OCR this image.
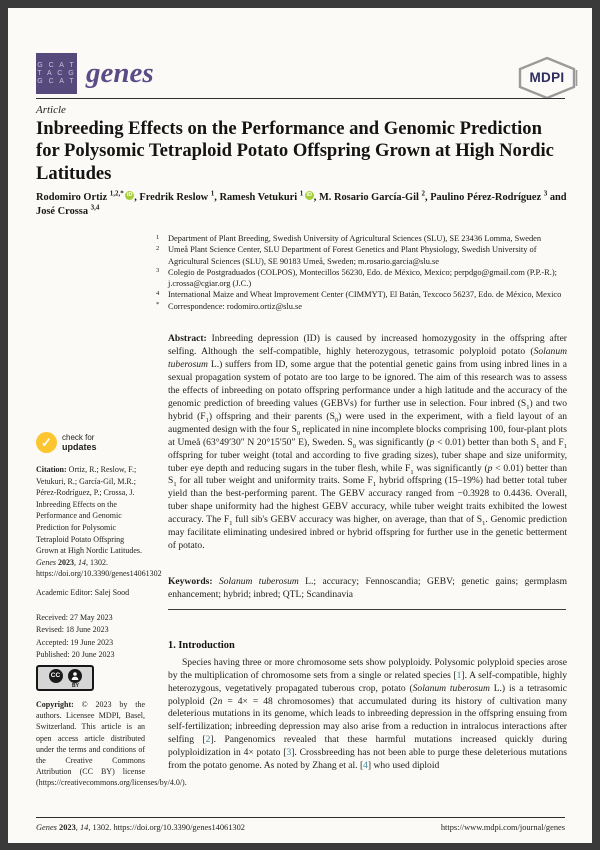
G C A T
T A C G
G C A T genes	MDPI
Article
Inbreeding Effects on the Performance and Genomic Prediction for Polysomic Tetraploid Potato Offspring Grown at High Nordic Latitudes
Rodomiro Ortiz $^{1,2,*}$ iD , Fredrik Reslow $^1$, Ramesh Vetukuri $^1$ iD , M. Rosario García-Gil $^2$, Paulino Pérez-Rodríguez $^3$ and José Crossa $^{3,4}$
1 Department of Plant Breeding, Swedish University of Agricultural Sciences (SLU), SE 23436 Lomma, Sweden
2 Umeå Plant Science Center, SLU Department of Forest Genetics and Plant Physiology, Swedish University of Agricultural Sciences (SLU), SE 90183 Umeå, Sweden; m.rosario.garcia@slu.se
3 Colegio de Postgraduados (COLPOS), Montecillos 56230, Edo. de México, Mexico; perpdgo@gmail.com (P.P.-R.); j.crossa@cgiar.org (J.C.)
4 International Maize and Wheat Improvement Center (CIMMYT), El Batán, Texcoco 56237, Edo. de México, Mexico
* Correspondence: rodomiro.ortiz@slu.se
✓	check for
updates
Citation: Ortiz, R.; Reslow, F.; Vetukuri, R.; García-Gil, M.R.; Pérez-Rodríguez, P.; Crossa, J. Inbreeding Effects on the Performance and Genomic Prediction for Polysomic Tetraploid Potato Offspring Grown at High Nordic Latitudes. Genes 2023, 14, 1302. https://doi.org/10.3390/genes14061302
Academic Editor: Salej Sood
Received: 27 May 2023
Revised: 18 June 2023
Accepted: 19 June 2023
Published: 20 June 2023
CC
BY
Copyright: © 2023 by the authors. Licensee MDPI, Basel, Switzerland. This article is an open access article distributed under the terms and conditions of the Creative Commons Attribution (CC BY) license (https://creativecommons.org/licenses/by/4.0/).
Abstract: Inbreeding depression (ID) is caused by increased homozygosity in the offspring after selfing. Although the self-compatible, highly heterozygous, tetrasomic polyploid potato (Solanum tuberosum L.) suffers from ID, some argue that the potential genetic gains from using inbred lines in a sexual propagation system of potato are too large to be ignored. The aim of this research was to assess the effects of inbreeding on potato offspring performance under a high latitude and the accuracy of the genomic prediction of breeding values (GEBVs) for further use in selection. Four inbred $(S_1)$ and two hybrid $(F_1)$ offspring and their parents $(S_0)$ were used in the experiment, with a field layout of an augmented design with the four $S_0$ replicated in nine incomplete blocks comprising 100, four-plant plots at Umeå (63°49′30″ N 20°15′50″ E), Sweden. $S_0$ was significantly (p < 0.01) better than both $S_1$ and $F_1$ offspring for tuber weight (total and according to five grading sizes), tuber shape and size uniformity, tuber eye depth and reducing sugars in the tuber flesh, while $F_1$ was significantly (p < 0.01) better than $S_1$ for all tuber weight and uniformity traits. Some $F_1$ hybrid offspring (15–19%) had better total tuber yield than the best-performing parent. The GEBV accuracy ranged from −0.3928 to 0.4436. Overall, tuber shape uniformity had the highest GEBV accuracy, while tuber weight traits exhibited the lowest accuracy. The $F_1$ full sib's GEBV accuracy was higher, on average, than that of $S_1$. Genomic prediction may facilitate eliminating undesired inbred or hybrid offspring for further use in the genetic betterment of potato.
Keywords: Solanum tuberosum L.; accuracy; Fennoscandia; GEBV; genetic gains; germplasm enhancement; hybrid; inbred; QTL; Scandinavia
1. Introduction
Species having three or more chromosome sets show polyploidy. Polysomic polyploid species arose by the multiplication of chromosome sets from a single or related species [1]. A self-compatible, highly heterozygous, vegetatively propagated tuberous crop, potato (Solanum tuberosum L.) is a tetrasomic polyploid (2n = 4× = 48 chromosomes) that accumulated during its history of cultivation many deleterious mutations in its genome, which leads to inbreeding depression in the offspring ensuing from self-fertilization; inbreeding depression may also arise from a reduction in intralocus interactions after selfing [2]. Pangenomics revealed that these harmful mutations increased quickly during polyploidization in 4× potato [3]. Crossbreeding has not been able to purge these deleterious mutations from the potato genome. As noted by Zhang et al. [4] who used diploid
Genes 2023, 14, 1302. https://doi.org/10.3390/genes14061302	https://www.mdpi.com/journal/genes
